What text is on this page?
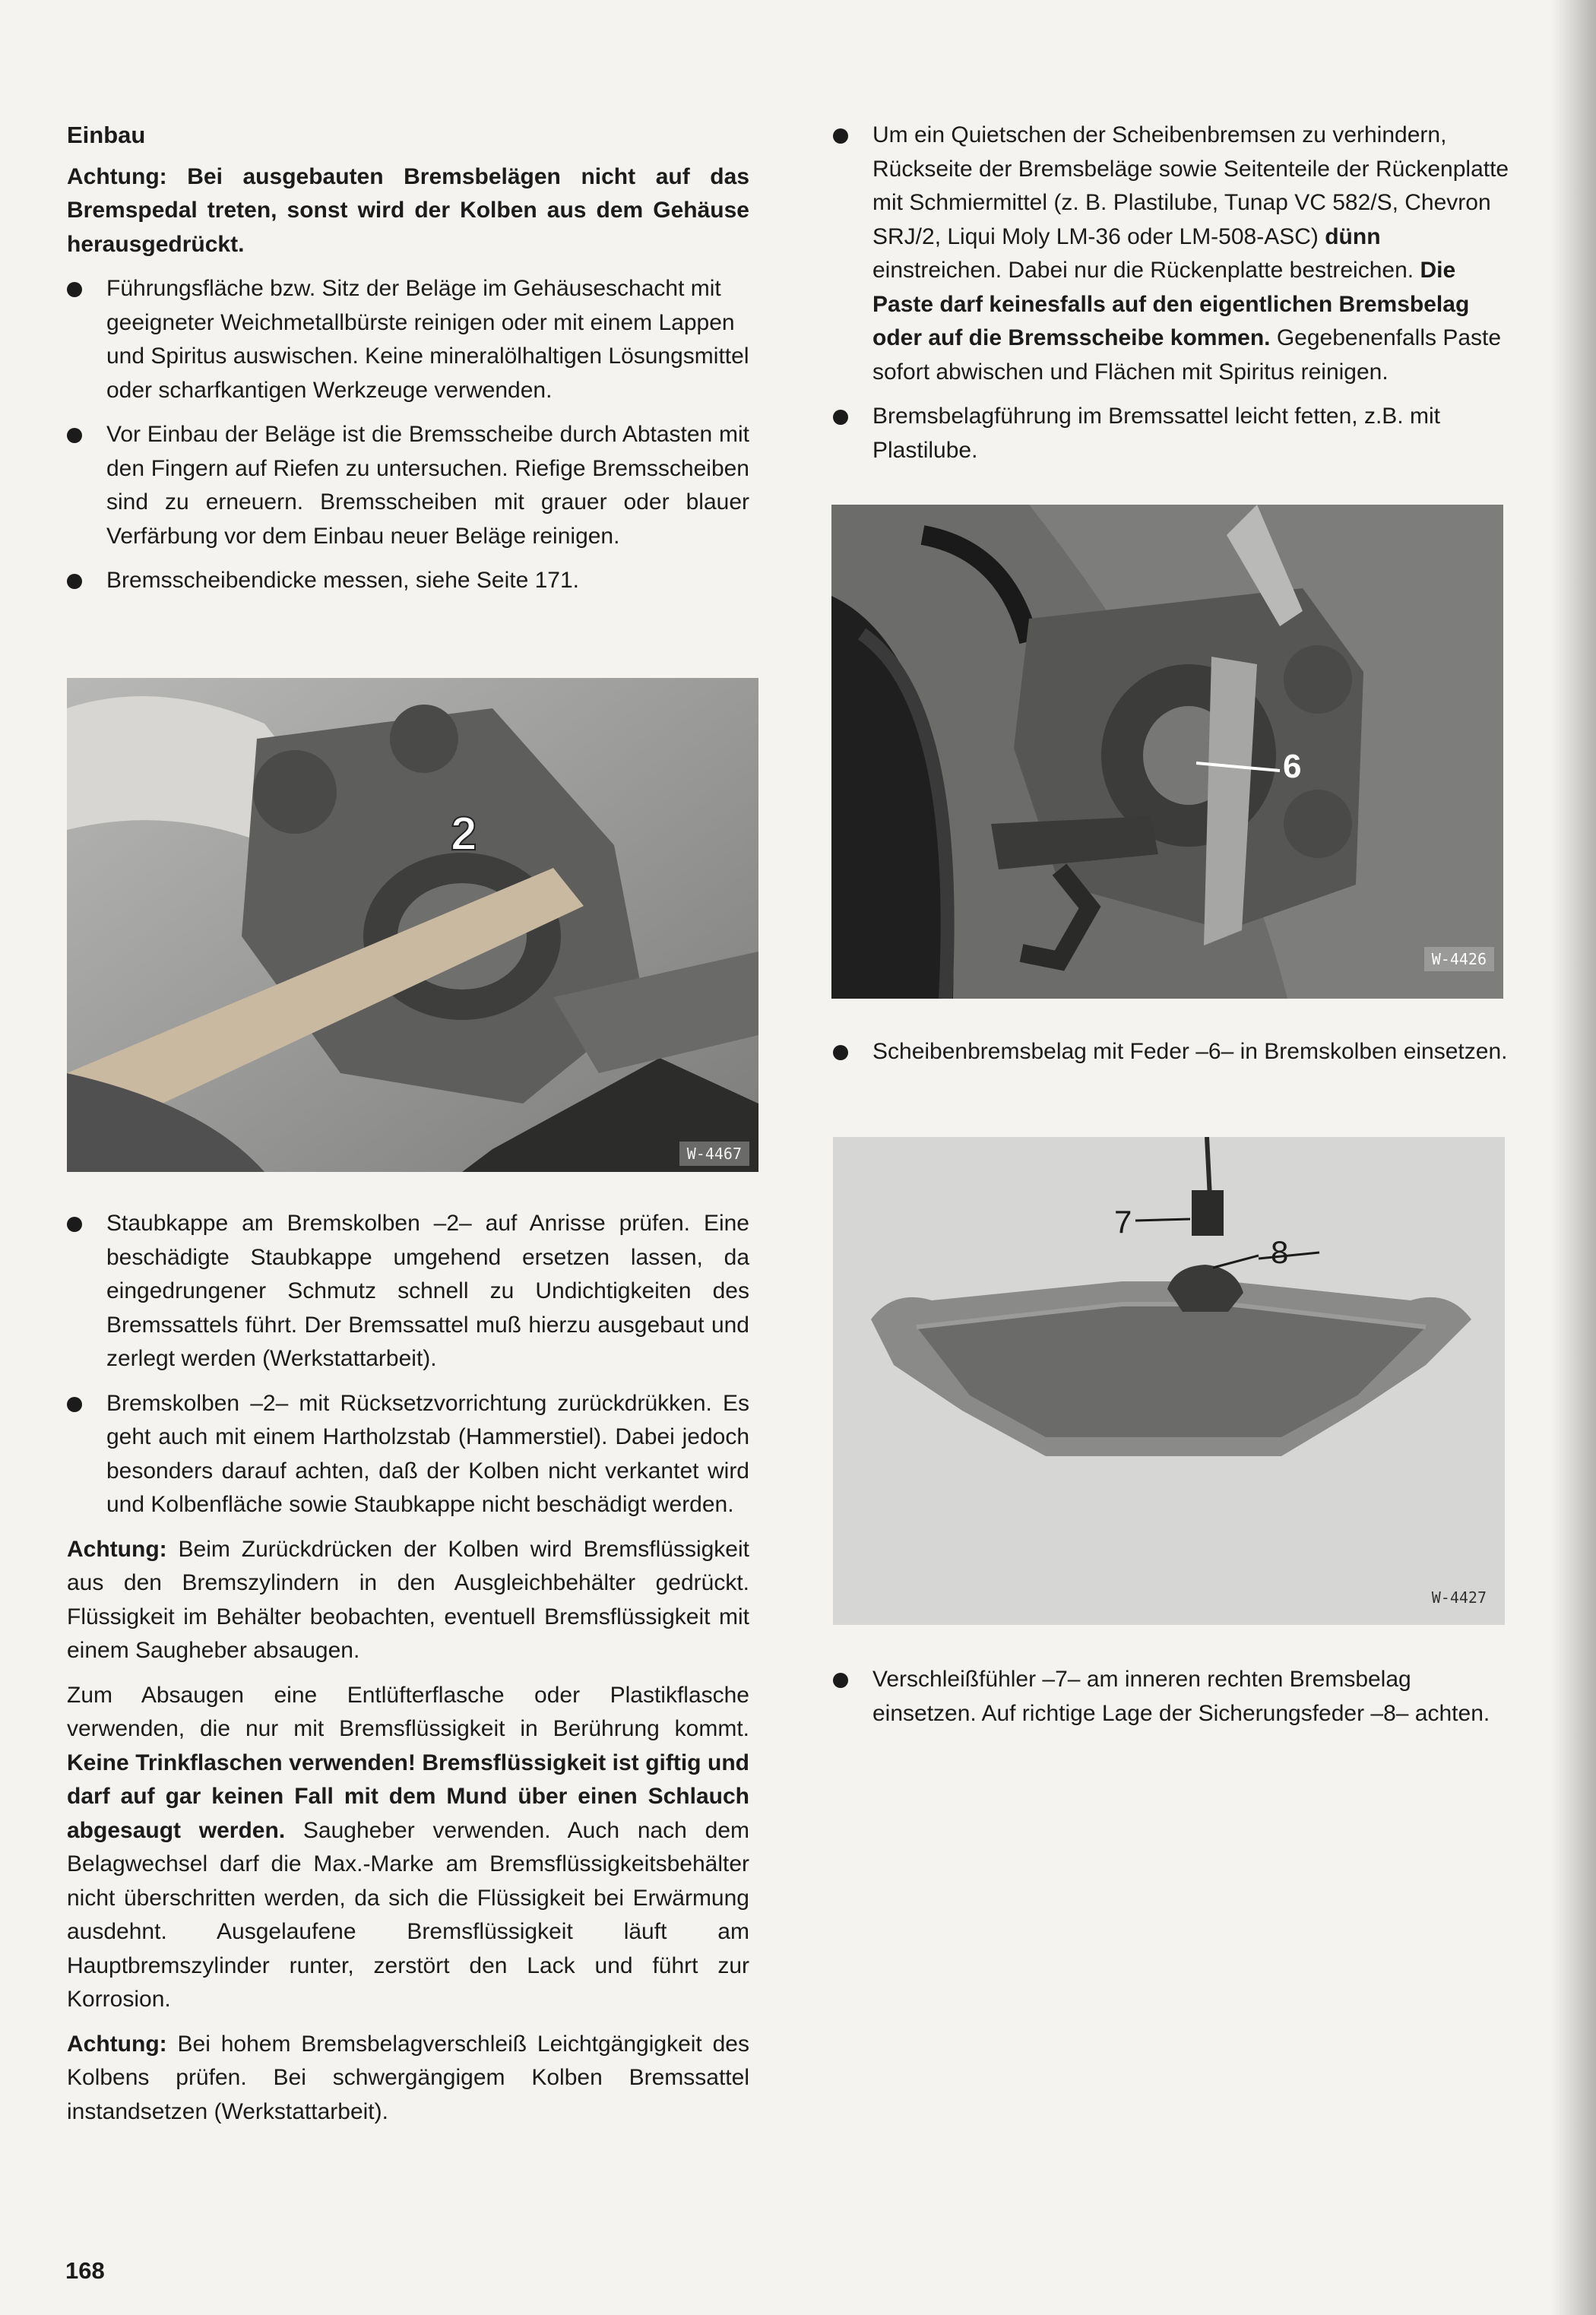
Einbau

Achtung: Bei ausgebauten Bremsbelägen nicht auf das Bremspedal treten, sonst wird der Kolben aus dem Gehäuse herausgedrückt.

Führungsfläche bzw. Sitz der Beläge im Gehäuseschacht mit geeigneter Weichmetallbürste reinigen oder mit einem Lappen und Spiritus auswischen. Keine mineralölhaltigen Lösungsmittel oder scharfkantigen Werkzeuge verwenden.
Vor Einbau der Beläge ist die Bremsscheibe durch Abtasten mit den Fingern auf Riefen zu untersuchen. Riefige Bremsscheiben sind zu erneuern. Bremsscheiben mit grauer oder blauer Verfärbung vor dem Einbau neuer Beläge reinigen.
Bremsscheibendicke messen, siehe Seite 171.
2
W-4467
Staubkappe am Bremskolben –2– auf Anrisse prüfen. Eine beschädigte Staubkappe umgehend ersetzen lassen, da eingedrungener Schmutz schnell zu Undichtigkeiten des Bremssattels führt. Der Bremssattel muß hierzu ausgebaut und zerlegt werden (Werkstattarbeit).
Bremskolben –2– mit Rücksetzvorrichtung zurückdrükken. Es geht auch mit einem Hartholzstab (Hammerstiel). Dabei jedoch besonders darauf achten, daß der Kolben nicht verkantet wird und Kolbenfläche sowie Staubkappe nicht beschädigt werden.

Achtung: Beim Zurückdrücken der Kolben wird Bremsflüssigkeit aus den Bremszylindern in den Ausgleichbehälter gedrückt. Flüssigkeit im Behälter beobachten, eventuell Bremsflüssigkeit mit einem Saugheber absaugen.

Zum Absaugen eine Entlüfterflasche oder Plastikflasche verwenden, die nur mit Bremsflüssigkeit in Berührung kommt. Keine Trinkflaschen verwenden! Bremsflüssigkeit ist giftig und darf auf gar keinen Fall mit dem Mund über einen Schlauch abgesaugt werden. Saugheber verwenden. Auch nach dem Belagwechsel darf die Max.-Marke am Bremsflüssigkeitsbehälter nicht überschritten werden, da sich die Flüssigkeit bei Erwärmung ausdehnt. Ausgelaufene Bremsflüssigkeit läuft am Hauptbremszylinder runter, zerstört den Lack und führt zur Korrosion.

Achtung: Bei hohem Bremsbelagverschleiß Leichtgängigkeit des Kolbens prüfen. Bei schwergängigem Kolben Bremssattel instandsetzen (Werkstattarbeit).

Um ein Quietschen der Scheibenbremsen zu verhindern, Rückseite der Bremsbeläge sowie Seitenteile der Rückenplatte mit Schmiermittel (z. B. Plastilube, Tunap VC 582/S, Chevron SRJ/2, Liqui Moly LM-36 oder LM-508-ASC) dünn einstreichen. Dabei nur die Rückenplatte bestreichen. Die Paste darf keinesfalls auf den eigentlichen Bremsbelag oder auf die Bremsscheibe kommen. Gegebenenfalls Paste sofort abwischen und Flächen mit Spiritus reinigen.
Bremsbelagführung im Bremssattel leicht fetten, z.B. mit Plastilube.
6
W-4426
Scheibenbremsbelag mit Feder –6– in Bremskolben einsetzen.
7
8
W-4427
Verschleißfühler –7– am inneren rechten Bremsbelag einsetzen. Auf richtige Lage der Sicherungsfeder –8– achten.
168
